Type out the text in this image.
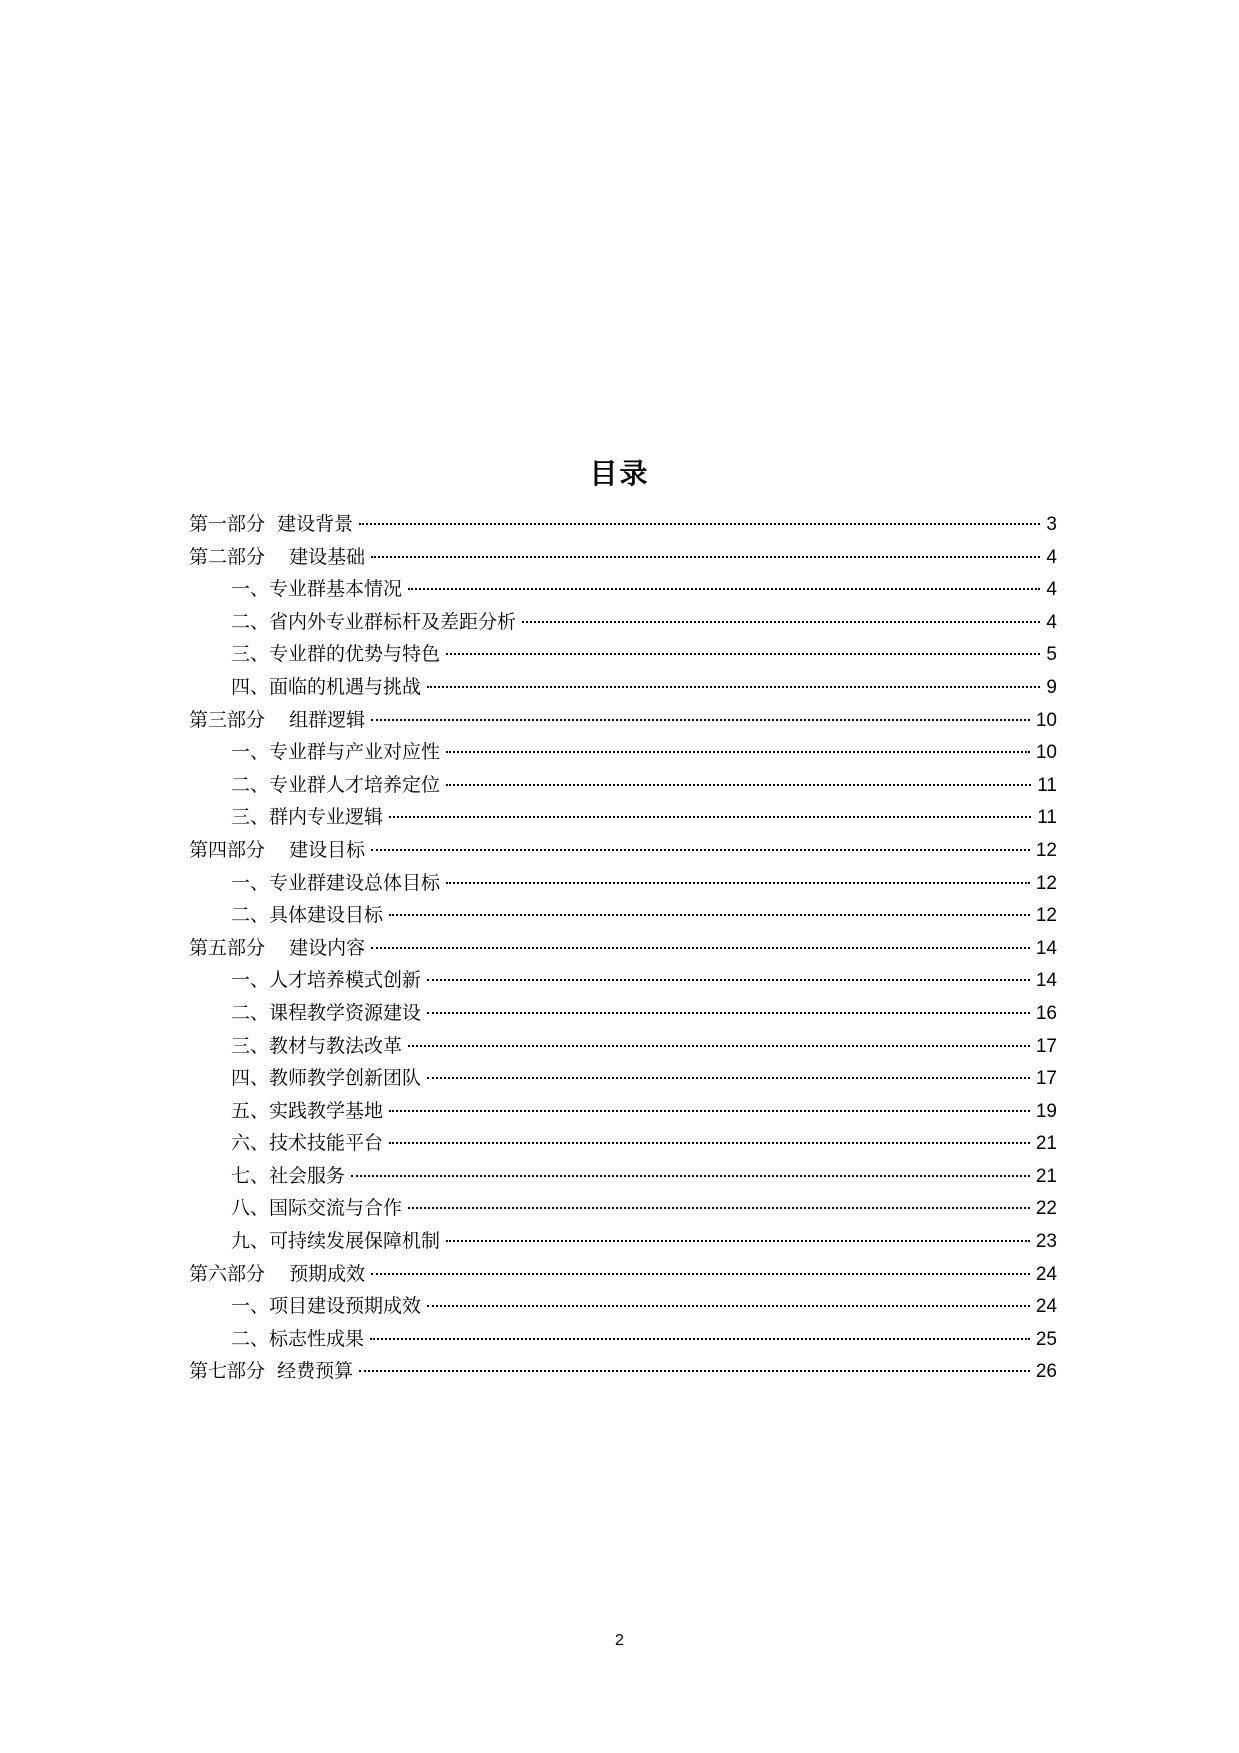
目录
第一部分  建设背景	3
第二部分    建设基础	4
一、专业群基本情况	4
二、省内外专业群标杆及差距分析	4
三、专业群的优势与特色	5
四、面临的机遇与挑战	9
第三部分    组群逻辑	10
一、专业群与产业对应性	10
二、专业群人才培养定位	11
三、群内专业逻辑	11
第四部分    建设目标	12
一、专业群建设总体目标	12
二、具体建设目标	12
第五部分    建设内容	14
一、人才培养模式创新	14
二、课程教学资源建设	16
三、教材与教法改革	17
四、教师教学创新团队	17
五、实践教学基地	19
六、技术技能平台	21
七、社会服务	21
八、国际交流与合作	22
九、可持续发展保障机制	23
第六部分    预期成效	24
一、项目建设预期成效	24
二、标志性成果	25
第七部分  经费预算	26
2
